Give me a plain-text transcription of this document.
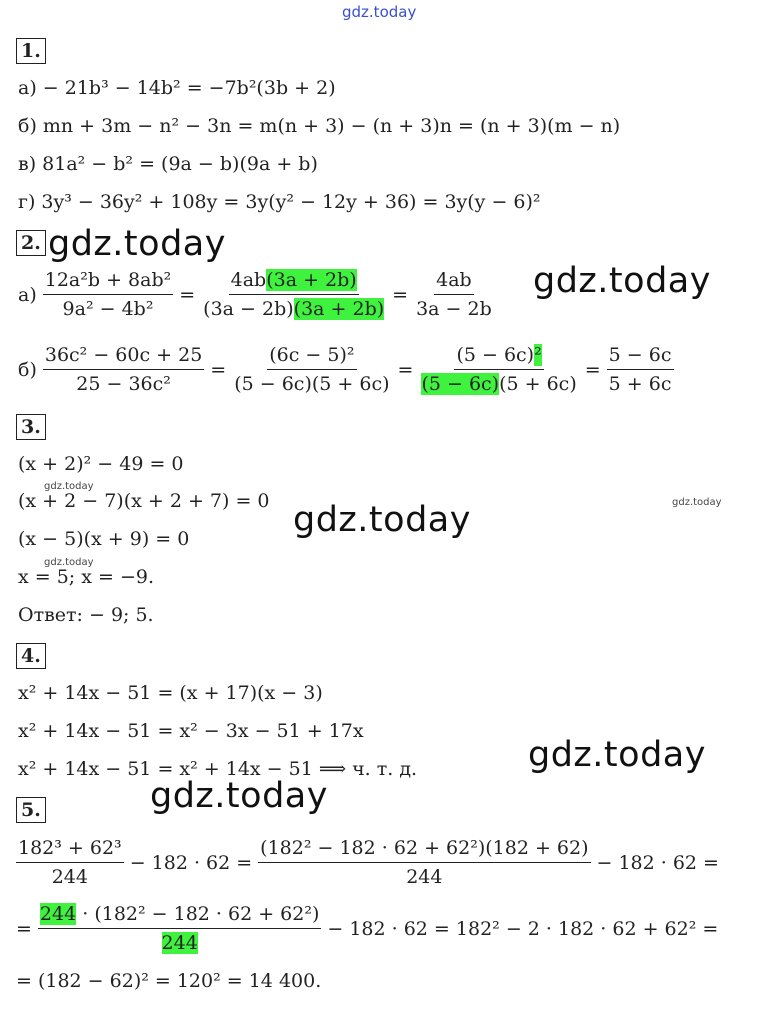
gdz.today
1.
а) − 21b³ − 14b² = −7b²(3b + 2)
б) mn + 3m − n² − 3n = m(n + 3) − (n + 3)n = (n + 3)(m − n)
в) 81a² − b² = (9a − b)(9a + b)
г) 3y³ − 36y² + 108y = 3y(y² − 12y + 36) = 3y(y − 6)²
2. gdz.today
$а) \frac{\text{12a²b + 8ab²}}{\text{9a² − 4b²}} = \frac{4ab(3a + 2b)}{(3a - 2b)(3a + 2b)} = \frac{4ab}{3a - 2b}$ gdz.today
$б) \frac{\text{36c² − 60c + 25}}{\text{25 − 36c²}} = \frac{\text{(6c − 5)²}}{(5 - 6c)(5 + 6c)} = \frac{\text{(5 − 6c)²}}{(5 - 6c)(5 + 6c)} = \frac{5 - 6c}{5 + 6c}$
3.
(x + 2)² − 49 = 0
gdz.today
(x + 2 − 7)(x + 2 + 7) = 0	gdz.today
gdz.today
(x − 5)(x + 9) = 0
gdz.today
x = 5; x = −9.
Ответ: − 9; 5.
4.
x² + 14x − 51 = (x + 17)(x − 3)
x² + 14x − 51 = x² − 3x − 51 + 17x
gdz.today
x² + 14x − 51 = x² + 14x − 51 ⟹ ч. т. д.
5.	gdz.today
$\frac{\text{182³ + 62³}}{244} - 182 \cdot 62 = \frac{\text{(182² − 182 · 62 + 62²)(182 + 62)}}{244} - 182 \cdot 62$ =
= $\frac{\text{244 · (182² − 182 · 62 + 62²)}}{244} - 182 \cdot 62 = 182^2 - 2 \cdot 182 \cdot 62 + 62^2$ =
= (182 − 62)² = 120² = 14 400.
